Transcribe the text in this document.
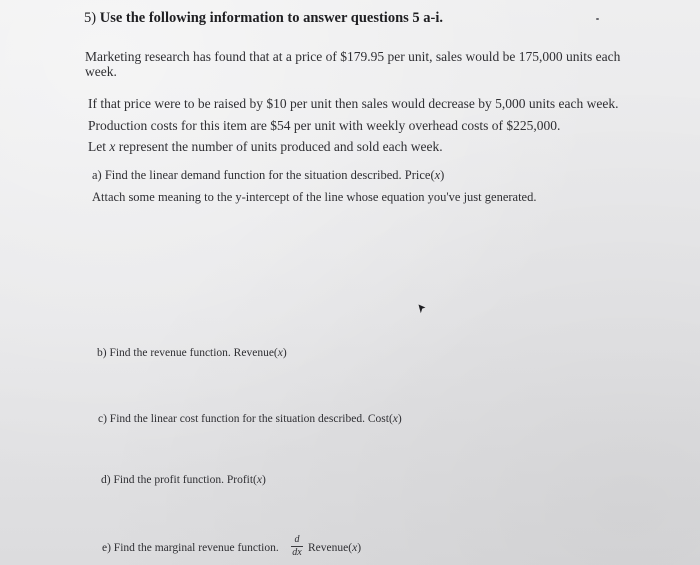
5) Use the following information to answer questions 5 a-i.

Marketing research has found that at a price of $179.95 per unit, sales would be 175,000 units each

week.

If that price were to be raised by $10 per unit then sales would decrease by 5,000 units each week.

Production costs for this item are $54 per unit with weekly overhead costs of $225,000.

Let x represent the number of units produced and sold each week.

a) Find the linear demand function for the situation described. Price(x)

Attach some meaning to the y-intercept of the line whose equation you've just generated.

b) Find the revenue function. Revenue(x)

c) Find the linear cost function for the situation described. Cost(x)

d) Find the profit function. Profit(x)

e) Find the marginal revenue function.

d
dx Revenue(x)
